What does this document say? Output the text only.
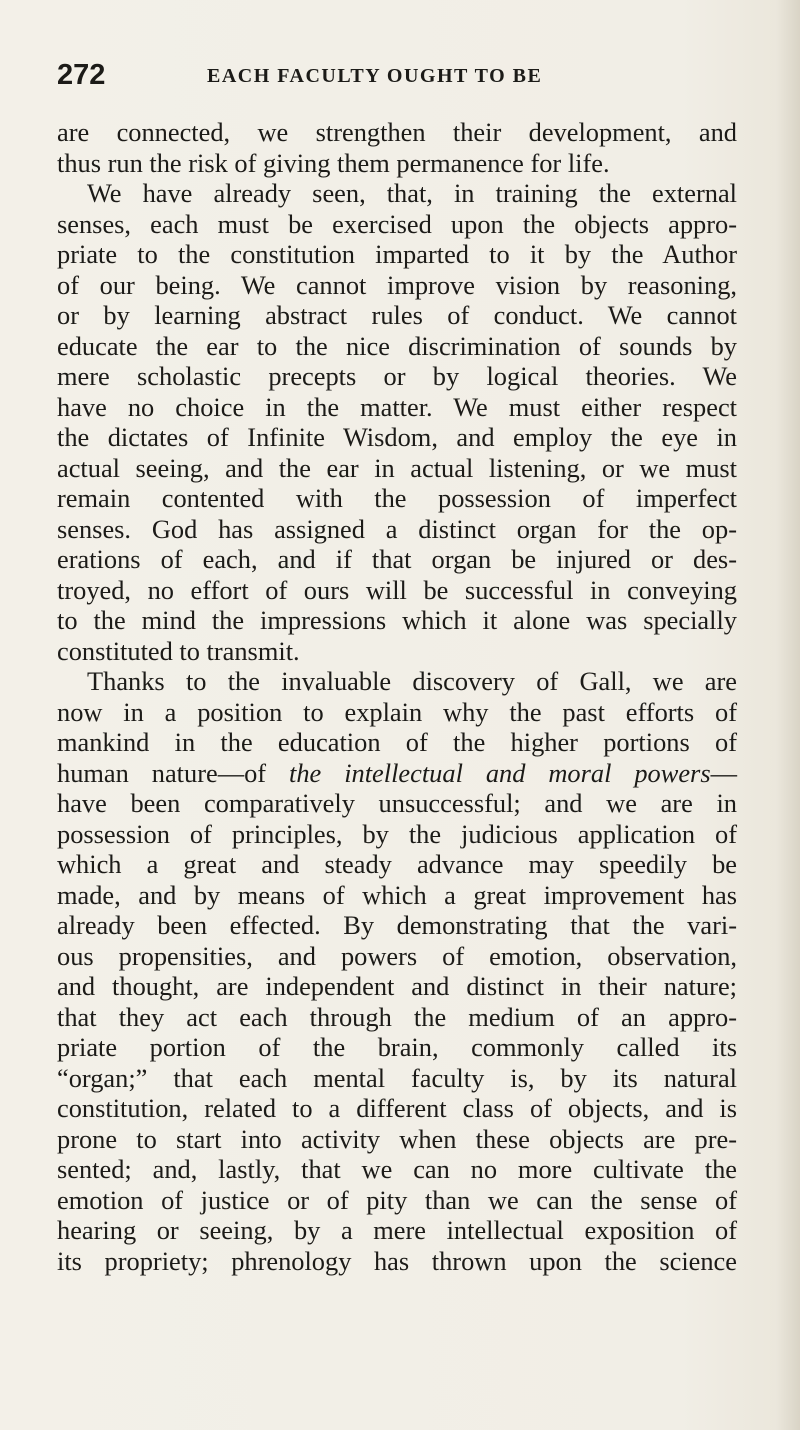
272	EACH FACULTY OUGHT TO BE
are connected, we strengthen their development, and
thus run the risk of giving them permanence for life.
We have already seen, that, in training the external
senses, each must be exercised upon the objects appro-
priate to the constitution imparted to it by the Author
of our being. We cannot improve vision by reasoning,
or by learning abstract rules of conduct. We cannot
educate the ear to the nice discrimination of sounds by
mere scholastic precepts or by logical theories. We
have no choice in the matter. We must either respect
the dictates of Infinite Wisdom, and employ the eye in
actual seeing, and the ear in actual listening, or we must
remain contented with the possession of imperfect
senses. God has assigned a distinct organ for the op-
erations of each, and if that organ be injured or des-
troyed, no effort of ours will be successful in conveying
to the mind the impressions which it alone was specially
constituted to transmit.
Thanks to the invaluable discovery of Gall, we are
now in a position to explain why the past efforts of
mankind in the education of the higher portions of
human nature—of the intellectual and moral powers—
have been comparatively unsuccessful; and we are in
possession of principles, by the judicious application of
which a great and steady advance may speedily be
made, and by means of which a great improvement has
already been effected. By demonstrating that the vari-
ous propensities, and powers of emotion, observation,
and thought, are independent and distinct in their nature;
that they act each through the medium of an appro-
priate portion of the brain, commonly called its
“organ;” that each mental faculty is, by its natural
constitution, related to a different class of objects, and is
prone to start into activity when these objects are pre-
sented; and, lastly, that we can no more cultivate the
emotion of justice or of pity than we can the sense of
hearing or seeing, by a mere intellectual exposition of
its propriety; phrenology has thrown upon the science
